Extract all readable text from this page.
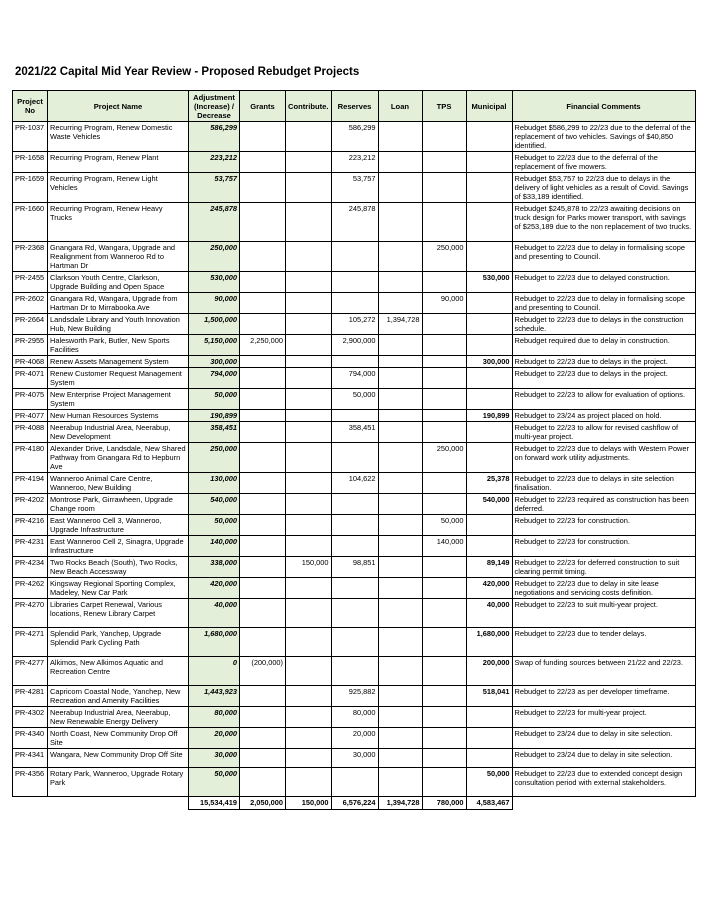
2021/22 Capital Mid Year Review - Proposed Rebudget Projects
Project No	Project Name	Adjustment (Increase) / Decrease	Grants	Contribute.	Reserves	Loan	TPS	Municipal	Financial Comments
PR-1037	Recurring Program, Renew Domestic Waste Vehicles	586,299			586,299				Rebudget $586,299 to 22/23 due to the deferral of the replacement of two vehicles. Savings of $40,850 identified.
PR-1658	Recurring Program, Renew Plant	223,212			223,212				Rebudget to 22/23 due to the deferral of the replacement of five mowers.
PR-1659	Recurring Program, Renew Light Vehicles	53,757			53,757				Rebudget $53,757 to 22/23 due to delays in the delivery of light vehicles as a result of Covid. Savings of $33,189 identified.
PR-1660	Recurring Program, Renew Heavy Trucks	245,878			245,878				Rebudget $245,878 to 22/23 awaiting decisions on truck design for Parks mower transport, with savings of $253,189 due to the non replacement of two trucks.
PR-2368	Gnangara Rd, Wangara, Upgrade and Realignment from Wanneroo Rd to Hartman Dr	250,000					250,000		Rebudget to 22/23 due to delay in formalising scope and presenting to Council.
PR-2455	Clarkson Youth Centre, Clarkson, Upgrade Building and Open Space	530,000						530,000	Rebudget to 22/23 due to delayed construction.
PR-2602	Gnangara Rd, Wangara, Upgrade from Hartman Dr to Mirrabooka Ave	90,000					90,000		Rebudget to 22/23 due to delay in formalising scope and presenting to Council.
PR-2664	Landsdale Library and Youth Innovation Hub, New Building	1,500,000			105,272	1,394,728			Rebudget to 22/23 due to delays in the construction schedule.
PR-2955	Halesworth Park, Butler, New Sports Facilities	5,150,000	2,250,000		2,900,000				Rebudget required due to delay in construction.
PR-4068	Renew Assets Management System	300,000						300,000	Rebudget to 22/23 due to delays in the project.
PR-4071	Renew Customer Request Management System	794,000			794,000				Rebudget to 22/23 due to delays in the project.
PR-4075	New Enterprise Project Management System	50,000			50,000				Rebudget to 22/23 to allow for evaluation of options.
PR-4077	New Human Resources Systems	190,899						190,899	Rebudget to 23/24 as project placed on hold.
PR-4088	Neerabup Industrial Area, Neerabup, New Development	358,451			358,451				Rebudget to 22/23 to allow for revised cashflow of multi-year project.
PR-4180	Alexander Drive, Landsdale, New Shared Pathway from Gnangara Rd to Hepburn Ave	250,000					250,000		Rebudget to 22/23 due to delays with Western Power on forward work utility adjustments.
PR-4194	Wanneroo Animal Care Centre, Wanneroo, New Building	130,000			104,622			25,378	Rebudget to 22/23 due to delays in site selection finalisation.
PR-4202	Montrose Park, Girrawheen, Upgrade Change room	540,000						540,000	Rebudget to 22/23 required as construction has been deferred.
PR-4216	East Wanneroo Cell 3, Wanneroo, Upgrade Infrastructure	50,000					50,000		Rebudget to 22/23 for construction.
PR-4231	East Wanneroo Cell 2, Sinagra, Upgrade Infrastructure	140,000					140,000		Rebudget to 22/23 for construction.
PR-4234	Two Rocks Beach (South), Two Rocks, New Beach Accessway	338,000		150,000	98,851			89,149	Rebudget to 22/23 for deferred construction to suit clearing permit timing.
PR-4262	Kingsway Regional Sporting Complex, Madeley, New Car Park	420,000						420,000	Rebudget to 22/23 due to delay in site lease negotiations and servicing costs definition.
PR-4270	Libraries Carpet Renewal, Various locations, Renew Library Carpet	40,000						40,000	Rebudget to 22/23 to suit multi-year project.
PR-4271	Splendid Park, Yanchep, Upgrade Splendid Park Cycling Path	1,680,000						1,680,000	Rebudget to 22/23 due to tender delays.
PR-4277	Alkimos, New Alkimos Aquatic and Recreation Centre	0	(200,000)					200,000	Swap of funding sources between 21/22 and 22/23.
PR-4281	Capricorn Coastal Node, Yanchep, New Recreation and Amenity Facilities	1,443,923			925,882			518,041	Rebudget to 22/23 as per developer timeframe.
PR-4302	Neerabup Industrial Area, Neerabup, New Renewable Energy Delivery	80,000			80,000				Rebudget to 22/23 for multi-year project.
PR-4340	North Coast, New Community Drop Off Site	20,000			20,000				Rebudget to 23/24 due to delay in site selection.
PR-4341	Wangara, New Community Drop Off Site	30,000			30,000				Rebudget to 23/24 due to delay in site selection.
PR-4356	Rotary Park, Wanneroo, Upgrade Rotary Park	50,000						50,000	Rebudget to 22/23 due to extended concept design consultation period with external stakeholders.
		15,534,419	2,050,000	150,000	6,576,224	1,394,728	780,000	4,583,467	
